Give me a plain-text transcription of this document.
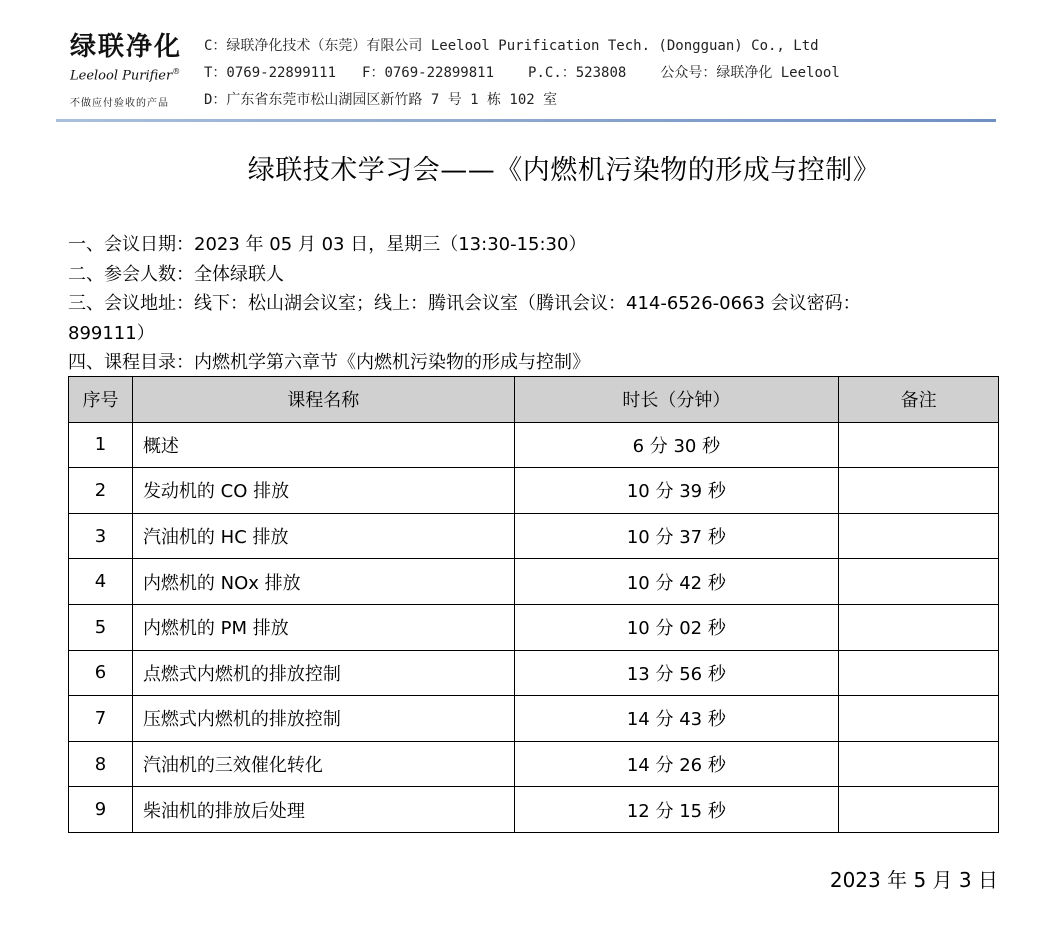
绿联净化
Leelool Purifier®
不做应付验收的产品
C：绿联净化技术（东莞）有限公司 Leelool Purification Tech. (Dongguan) Co., Ltd
T：0769-22899111 F：0769-22899811 P.C.：523808 公众号：绿联净化 Leelool
D：广东省东莞市松山湖园区新竹路 7 号 1 栋 102 室
绿联技术学习会——《内燃机污染物的形成与控制》
一、会议日期：2023 年 05 月 03 日，星期三（13:30-15:30）
二、参会人数：全体绿联人
三、会议地址：线下：松山湖会议室；线上：腾讯会议室（腾讯会议：414-6526-0663 会议密码：
899111）
四、课程目录：内燃机学第六章节《内燃机污染物的形成与控制》
序号	课程名称	时长（分钟）	备注
1	概述	6 分 30 秒	
2	发动机的 CO 排放	10 分 39 秒	
3	汽油机的 HC 排放	10 分 37 秒	
4	内燃机的 NOx 排放	10 分 42 秒	
5	内燃机的 PM 排放	10 分 02 秒	
6	点燃式内燃机的排放控制	13 分 56 秒	
7	压燃式内燃机的排放控制	14 分 43 秒	
8	汽油机的三效催化转化	14 分 26 秒	
9	柴油机的排放后处理	12 分 15 秒	
2023 年 5 月 3 日
